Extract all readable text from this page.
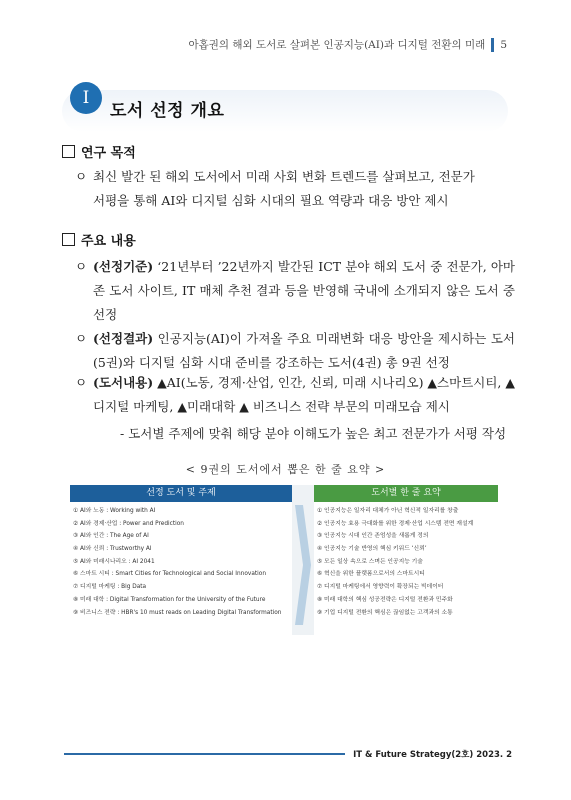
아홉권의 해외 도서로 살펴본 인공지능(AI)과 디지털 전환의 미래 5
I
도서 선정 개요
연구 목적
ㅇ 최신 발간 된 해외 도서에서 미래 사회 변화 트렌드를 살펴보고, 전문가
서평을 통해 AI와 디지털 심화 시대의 필요 역량과 대응 방안 제시
주요 내용
ㅇ (선정기준) ‘21년부터 ’22년까지 발간된 ICT 분야 해외 도서 중 전문가, 아마존 도서 사이트, IT 매체 추천 결과 등을 반영해 국내에 소개되지 않은 도서 중 선정
ㅇ (선정결과) 인공지능(AI)이 가져올 주요 미래변화 대응 방안을 제시하는 도서(5권)와 디지털 심화 시대 준비를 강조하는 도서(4권) 총 9권 선정
ㅇ (도서내용) ▲AI(노동, 경제·산업, 인간, 신뢰, 미래 시나리오) ▲스마트시티, ▲디지털 마케팅, ▲미래대학 ▲ 비즈니스 전략 부문의 미래모습 제시
- 도서별 주제에 맞춰 해당 분야 이해도가 높은 최고 전문가가 서평 작성
< 9권의 도서에서 뽑은 한 줄 요약 >
선정 도서 및 주제
① AI와 노동 : Working with AI
② AI와 경제·산업 : Power and Prediction
③ AI와 인간 : The Age of AI
④ AI와 신뢰 : Trustworthy AI
⑤ AI와 미래시나리오 : AI 2041
⑥ 스마트 시티 : Smart Cities for Technological and Social Innovation
⑦ 디지털 마케팅 : Big Data
⑧ 미래 대학 : Digital Transformation for the University of the Future
⑨ 비즈니스 전략 : HBR's 10 must reads on Leading Digital Transformation
도서별 한 줄 요약
① 인공지능은 일자리 대체가 아닌 혁신적 일자리를 창출
② 인공지능 효용 극대화를 위한 경제·산업 시스템 전면 재설계
③ 인공지능 시대 인간 존엄성을 새롭게 정의
④ 인공지능 기술 반영의 핵심 키워드 ‘신뢰’
⑤ 모든 일상 속으로 스며든 인공지능 기술
⑥ 혁신을 위한 플랫폼으로서의 스마트시티
⑦ 디지털 마케팅에서 영향력이 확장되는 빅데이터
⑧ 미래 대학의 핵심 성공전략은 디지털 전환과 민주화
⑨ 기업 디지털 전환의 핵심은 끊임없는 고객과의 소통
IT & Future Strategy(2호) 2023. 2
